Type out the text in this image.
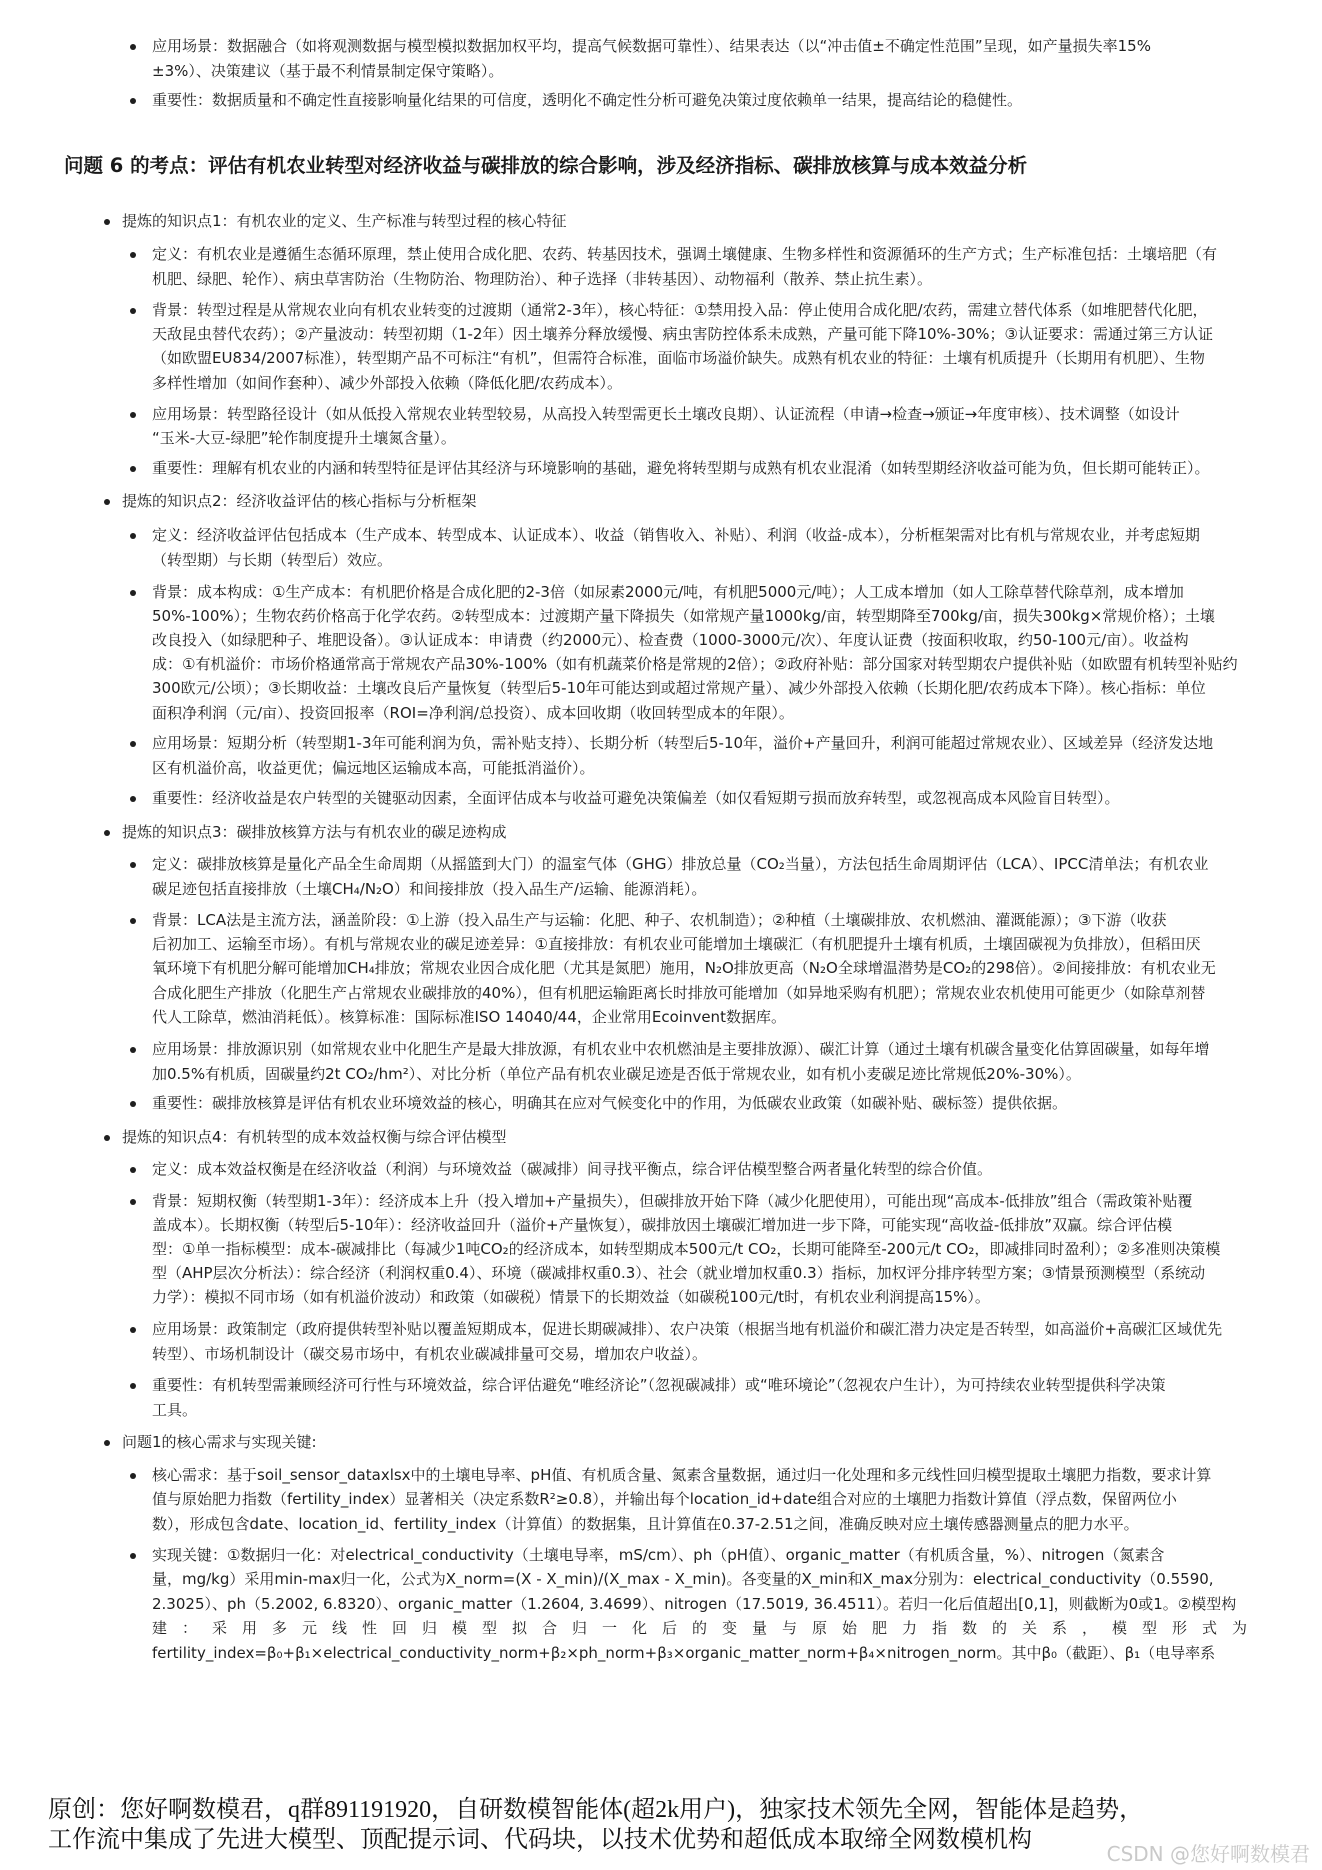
应用场景：数据融合（如将观测数据与模型模拟数据加权平均，提高气候数据可靠性）、结果表达（以“冲击值±不确定性范围”呈现，如产量损失率15%
±3%）、决策建议（基于最不利情景制定保守策略）。
重要性：数据质量和不确定性直接影响量化结果的可信度，透明化不确定性分析可避免决策过度依赖单一结果，提高结论的稳健性。
问题 6 的考点：评估有机农业转型对经济收益与碳排放的综合影响，涉及经济指标、碳排放核算与成本效益分析
提炼的知识点1：有机农业的定义、生产标准与转型过程的核心特征
定义：有机农业是遵循生态循环原理，禁止使用合成化肥、农药、转基因技术，强调土壤健康、生物多样性和资源循环的生产方式；生产标准包括：土壤培肥（有
机肥、绿肥、轮作）、病虫草害防治（生物防治、物理防治）、种子选择（非转基因）、动物福利（散养、禁止抗生素）。
背景：转型过程是从常规农业向有机农业转变的过渡期（通常2-3年），核心特征：①禁用投入品：停止使用合成化肥/农药，需建立替代体系（如堆肥替代化肥，
天敌昆虫替代农药）；②产量波动：转型初期（1-2年）因土壤养分释放缓慢、病虫害防控体系未成熟，产量可能下降10%-30%；③认证要求：需通过第三方认证
（如欧盟EU834/2007标准），转型期产品不可标注“有机”，但需符合标准，面临市场溢价缺失。成熟有机农业的特征：土壤有机质提升（长期用有机肥）、生物
多样性增加（如间作套种）、减少外部投入依赖（降低化肥/农药成本）。
应用场景：转型路径设计（如从低投入常规农业转型较易，从高投入转型需更长土壤改良期）、认证流程（申请→检查→颁证→年度审核）、技术调整（如设计
“玉米-大豆-绿肥”轮作制度提升土壤氮含量）。
重要性：理解有机农业的内涵和转型特征是评估其经济与环境影响的基础，避免将转型期与成熟有机农业混淆（如转型期经济收益可能为负，但长期可能转正）。
提炼的知识点2：经济收益评估的核心指标与分析框架
定义：经济收益评估包括成本（生产成本、转型成本、认证成本）、收益（销售收入、补贴）、利润（收益-成本），分析框架需对比有机与常规农业，并考虑短期
（转型期）与长期（转型后）效应。
背景：成本构成：①生产成本：有机肥价格是合成化肥的2-3倍（如尿素2000元/吨，有机肥5000元/吨）；人工成本增加（如人工除草替代除草剂，成本增加
50%-100%）；生物农药价格高于化学农药。②转型成本：过渡期产量下降损失（如常规产量1000kg/亩，转型期降至700kg/亩，损失300kg×常规价格）；土壤
改良投入（如绿肥种子、堆肥设备）。③认证成本：申请费（约2000元）、检查费（1000-3000元/次）、年度认证费（按面积收取，约50-100元/亩）。收益构
成：①有机溢价：市场价格通常高于常规农产品30%-100%（如有机蔬菜价格是常规的2倍）；②政府补贴：部分国家对转型期农户提供补贴（如欧盟有机转型补贴约
300欧元/公顷）；③长期收益：土壤改良后产量恢复（转型后5-10年可能达到或超过常规产量）、减少外部投入依赖（长期化肥/农药成本下降）。核心指标：单位
面积净利润（元/亩）、投资回报率（ROI=净利润/总投资）、成本回收期（收回转型成本的年限）。
应用场景：短期分析（转型期1-3年可能利润为负，需补贴支持）、长期分析（转型后5-10年，溢价+产量回升，利润可能超过常规农业）、区域差异（经济发达地
区有机溢价高，收益更优；偏远地区运输成本高，可能抵消溢价）。
重要性：经济收益是农户转型的关键驱动因素，全面评估成本与收益可避免决策偏差（如仅看短期亏损而放弃转型，或忽视高成本风险盲目转型）。
提炼的知识点3：碳排放核算方法与有机农业的碳足迹构成
定义：碳排放核算是量化产品全生命周期（从摇篮到大门）的温室气体（GHG）排放总量（CO₂当量），方法包括生命周期评估（LCA）、IPCC清单法；有机农业
碳足迹包括直接排放（土壤CH₄/N₂O）和间接排放（投入品生产/运输、能源消耗）。
背景：LCA法是主流方法，涵盖阶段：①上游（投入品生产与运输：化肥、种子、农机制造）；②种植（土壤碳排放、农机燃油、灌溉能源）；③下游（收获
后初加工、运输至市场）。有机与常规农业的碳足迹差异：①直接排放：有机农业可能增加土壤碳汇（有机肥提升土壤有机质，土壤固碳视为负排放），但稻田厌
氧环境下有机肥分解可能增加CH₄排放；常规农业因合成化肥（尤其是氮肥）施用，N₂O排放更高（N₂O全球增温潜势是CO₂的298倍）。②间接排放：有机农业无
合成化肥生产排放（化肥生产占常规农业碳排放的40%），但有机肥运输距离长时排放可能增加（如异地采购有机肥）；常规农业农机使用可能更少（如除草剂替
代人工除草，燃油消耗低）。核算标准：国际标准ISO 14040/44，企业常用Ecoinvent数据库。
应用场景：排放源识别（如常规农业中化肥生产是最大排放源，有机农业中农机燃油是主要排放源）、碳汇计算（通过土壤有机碳含量变化估算固碳量，如每年增
加0.5%有机质，固碳量约2t CO₂/hm²）、对比分析（单位产品有机农业碳足迹是否低于常规农业，如有机小麦碳足迹比常规低20%-30%）。
重要性：碳排放核算是评估有机农业环境效益的核心，明确其在应对气候变化中的作用，为低碳农业政策（如碳补贴、碳标签）提供依据。
提炼的知识点4：有机转型的成本效益权衡与综合评估模型
定义：成本效益权衡是在经济收益（利润）与环境效益（碳减排）间寻找平衡点，综合评估模型整合两者量化转型的综合价值。
背景：短期权衡（转型期1-3年）：经济成本上升（投入增加+产量损失），但碳排放开始下降（减少化肥使用），可能出现“高成本-低排放”组合（需政策补贴覆
盖成本）。长期权衡（转型后5-10年）：经济收益回升（溢价+产量恢复），碳排放因土壤碳汇增加进一步下降，可能实现“高收益-低排放”双赢。综合评估模
型：①单一指标模型：成本-碳减排比（每减少1吨CO₂的经济成本，如转型期成本500元/t CO₂，长期可能降至-200元/t CO₂，即减排同时盈利）；②多准则决策模
型（AHP层次分析法）：综合经济（利润权重0.4）、环境（碳减排权重0.3）、社会（就业增加权重0.3）指标，加权评分排序转型方案；③情景预测模型（系统动
力学）：模拟不同市场（如有机溢价波动）和政策（如碳税）情景下的长期效益（如碳税100元/t时，有机农业利润提高15%）。
应用场景：政策制定（政府提供转型补贴以覆盖短期成本，促进长期碳减排）、农户决策（根据当地有机溢价和碳汇潜力决定是否转型，如高溢价+高碳汇区域优先
转型）、市场机制设计（碳交易市场中，有机农业碳减排量可交易，增加农户收益）。
重要性：有机转型需兼顾经济可行性与环境效益，综合评估避免“唯经济论”（忽视碳减排）或“唯环境论”（忽视农户生计），为可持续农业转型提供科学决策
工具。
问题1的核心需求与实现关键:
核心需求：基于soil_sensor_dataxlsx中的土壤电导率、pH值、有机质含量、氮素含量数据，通过归一化处理和多元线性回归模型提取土壤肥力指数，要求计算
值与原始肥力指数（fertility_index）显著相关（决定系数R²≥0.8），并输出每个location_id+date组合对应的土壤肥力指数计算值（浮点数，保留两位小
数），形成包含date、location_id、fertility_index（计算值）的数据集，且计算值在0.37-2.51之间，准确反映对应土壤传感器测量点的肥力水平。
实现关键：①数据归一化：对electrical_conductivity（土壤电导率，mS/cm）、ph（pH值）、organic_matter（有机质含量，%）、nitrogen（氮素含
量，mg/kg）采用min-max归一化，公式为X_norm=(X - X_min)/(X_max - X_min)。各变量的X_min和X_max分别为：electrical_conductivity（0.5590,
2.3025）、ph（5.2002, 6.8320）、organic_matter（1.2604, 3.4699）、nitrogen（17.5019, 36.4511）。若归一化后值超出[0,1]，则截断为0或1。②模型构
建：采用多元线性回归模型拟合归一化后的变量与原始肥力指数的关系，模型形式为
fertility_index=β₀+β₁×electrical_conductivity_norm+β₂×ph_norm+β₃×organic_matter_norm+β₄×nitrogen_norm。其中β₀（截距）、β₁（电导率系
原创：您好啊数模君，q群891191920，自研数模智能体(超2k用户)，独家技术领先全网，智能体是趋势，
工作流中集成了先进大模型、顶配提示词、代码块，以技术优势和超低成本取缔全网数模机构
CSDN @您好啊数模君
